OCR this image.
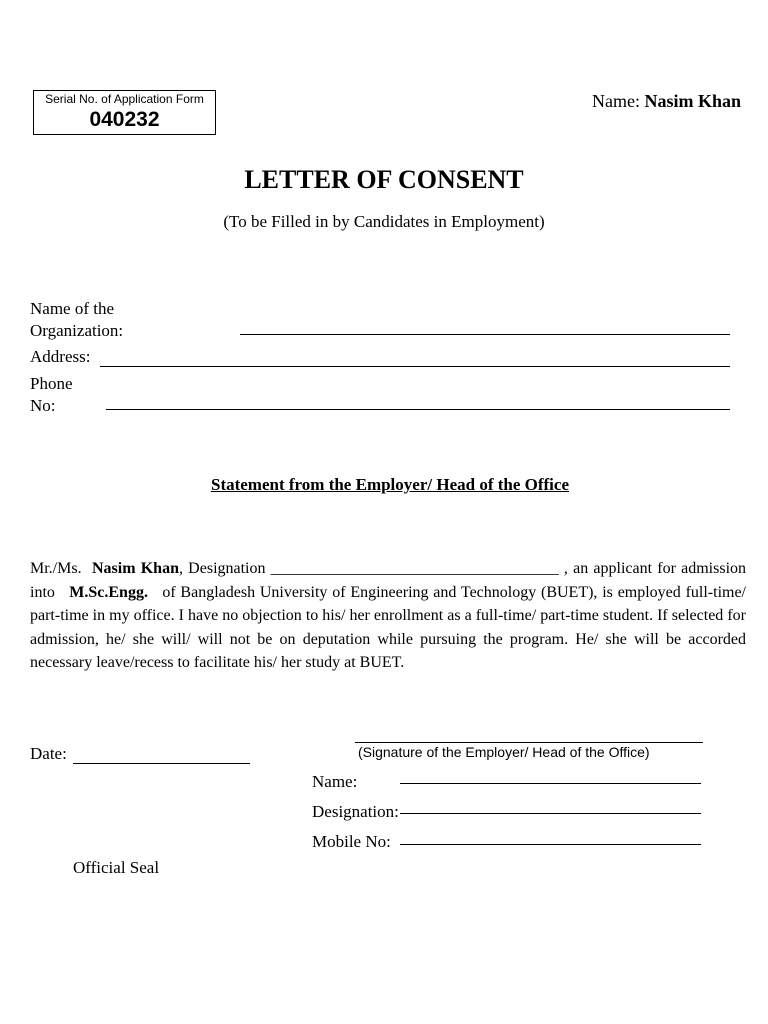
Serial No. of Application Form
040232
Name: Nasim Khan
LETTER OF CONSENT
(To be Filled in by Candidates in Employment)
Name of the
Organization:
Address:
Phone
No:
Statement from the Employer/ Head of the Office
Mr./Ms. Nasim Khan, Designation ____________________________________ , an applicant for admission into M.Sc.Engg. of Bangladesh University of Engineering and Technology (BUET), is employed full-time/ part-time in my office. I have no objection to his/ her enrollment as a full-time/ part-time student. If selected for admission, he/ she will/ will not be on deputation while pursuing the program. He/ she will be accorded necessary leave/recess to facilitate his/ her study at BUET.
Date:	(Signature of the Employer/ Head of the Office)
Name:
Designation:
Mobile No:
Official Seal
